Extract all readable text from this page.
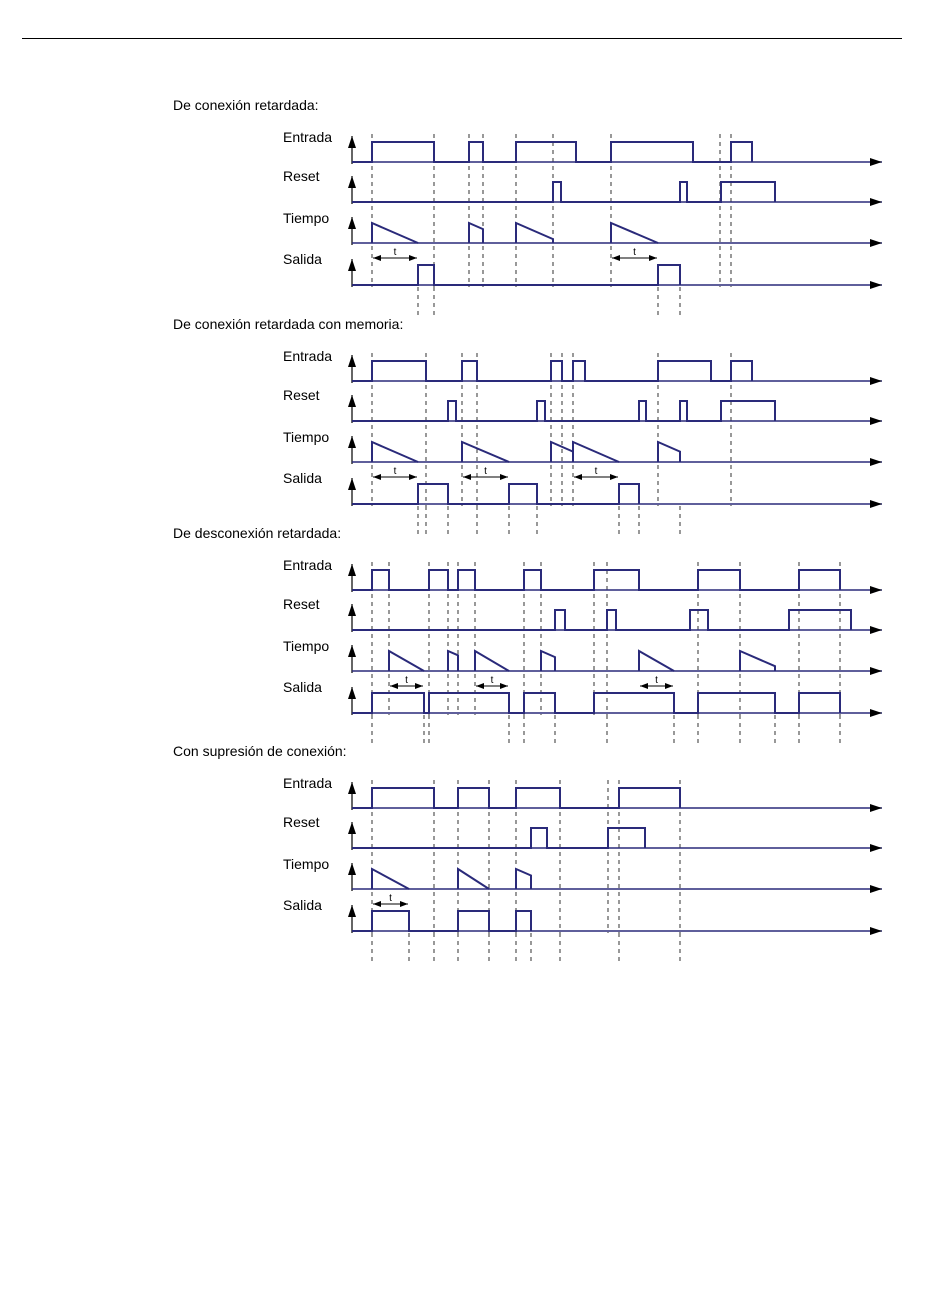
De conexión retardada:
Entrada
Reset
Tiempo
Salida	t	t
De conexión retardada con memoria:
Entrada
Reset
Tiempo
Salida	t	t	t
De desconexión retardada:
Entrada
Reset
Tiempo
Salida	t	t	t
Con supresión de conexión:
Entrada
Reset
Tiempo
Salida	t
